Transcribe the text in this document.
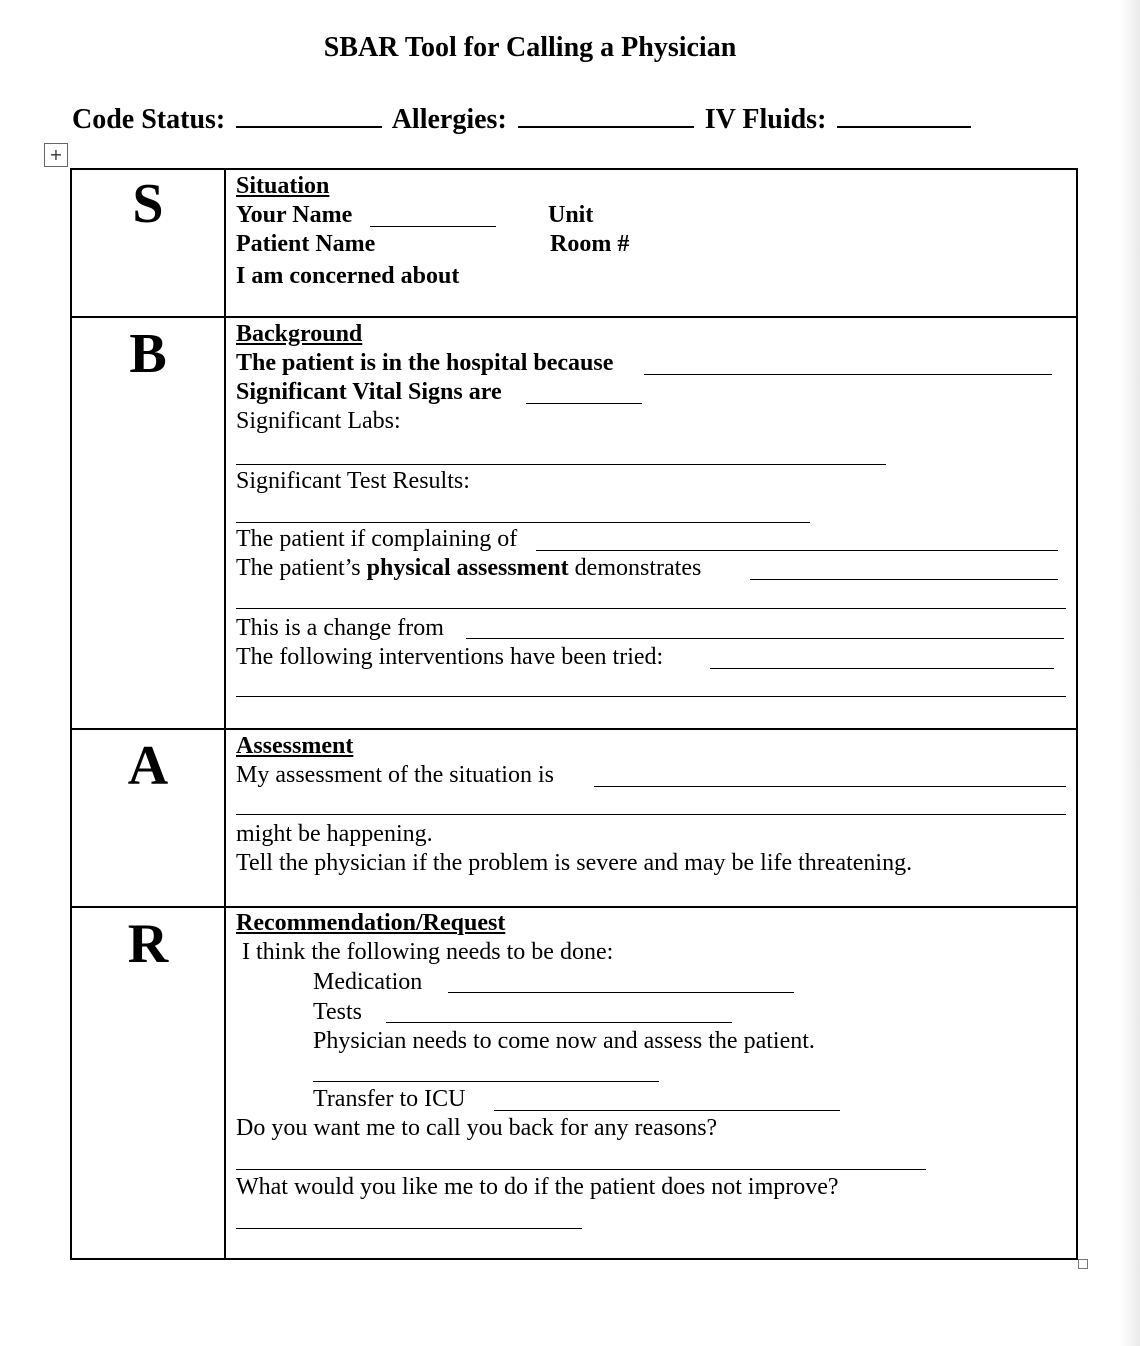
SBAR Tool for Calling a Physician
Code Status:	Allergies:	IV Fluids:
+
S	Situation
Your Name	Unit
Patient Name	Room #
I am concerned about
B	Background
The patient is in the hospital because
Significant Vital Signs are
Significant Labs:
Significant Test Results:
The patient if complaining of
The patient’s physical assessment demonstrates
This is a change from
The following interventions have been tried:
A	Assessment
My assessment of the situation is
might be happening.
Tell the physician if the problem is severe and may be life threatening.
R	Recommendation/Request
I think the following needs to be done:
Medication
Tests
Physician needs to come now and assess the patient.
Transfer to ICU
Do you want me to call you back for any reasons?
What would you like me to do if the patient does not improve?
